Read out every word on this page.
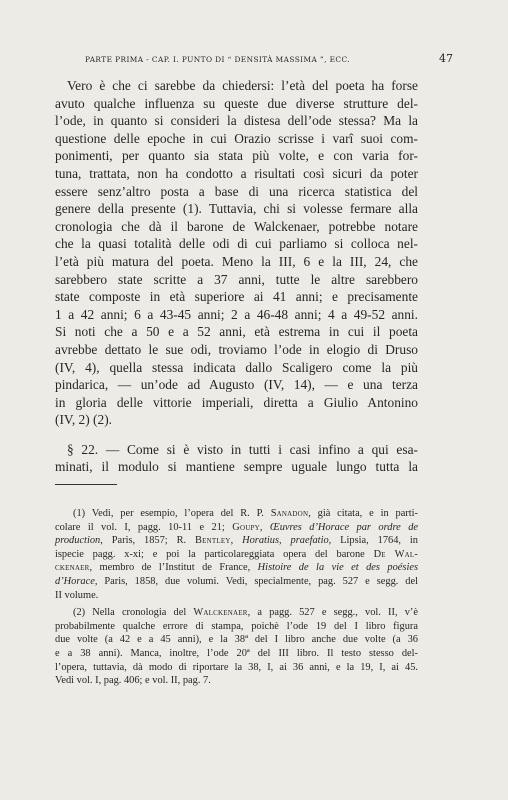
PARTE PRIMA - CAP. I. PUNTO DI “ DENSITÀ MASSIMA ”, ECC.	47

Vero è che ci sarebbe da chiedersi: l’età del poeta ha forse
avuto qualche influenza su queste due diverse strutture del-
l’ode, in quanto si consideri la distesa dell’ode stessa? Ma la
questione delle epoche in cui Orazio scrisse i varî suoi com-
ponimenti, per quanto sia stata più volte, e con varia for-
tuna, trattata, non ha condotto a risultati così sicuri da poter
essere senz’altro posta a base di una ricerca statistica del
genere della presente (1). Tuttavia, chi si volesse fermare alla
cronologia che dà il barone de Walckenaer, potrebbe notare
che la quasi totalità delle odi di cui parliamo si colloca nel-
l’età più matura del poeta. Meno la III, 6 e la III, 24, che
sarebbero state scritte a 37 anni, tutte le altre sarebbero
state composte in età superiore ai 41 anni; e precisamente
1 a 42 anni; 6 a 43-45 anni; 2 a 46-48 anni; 4 a 49-52 anni.
Si noti che a 50 e a 52 anni, età estrema in cui il poeta
avrebbe dettato le sue odi, troviamo l’ode in elogio di Druso
(IV, 4), quella stessa indicata dallo Scaligero come la più
pindarica, — un’ode ad Augusto (IV, 14), — e una terza
in gloria delle vittorie imperiali, diretta a Giulio Antonino
(IV, 2) (2).

§ 22. — Come si è visto in tutti i casi infino a qui esa-
minati, il modulo si mantiene sempre uguale lungo tutta la

(1) Vedi, per esempio, l’opera del R. P. Sanadon, già citata, e in parti-
colare il vol. I, pagg. 10-11 e 21; Goupy, Œuvres d’Horace par ordre de
production, Paris, 1857; R. Bentley, Horatius, praefatio, Lipsia, 1764, in
ispecie pagg. x-xi; e poi la particolareggiata opera del barone De Wal-
ckenaer, membro de l’Institut de France, Histoire de la vie et des poésies
d’Horace, Paris, 1858, due volumi. Vedi, specialmente, pag. 527 e segg. del
II volume.
(2) Nella cronologia del Walckenaer, a pagg. 527 e segg., vol. II, v’è
probabilmente qualche errore di stampa, poichè l’ode 19 del I libro figura
due volte (a 42 e a 45 anni), e la 38ª del I libro anche due volte (a 36
e a 38 anni). Manca, inoltre, l’ode 20ª del III libro. Il testo stesso del-
l’opera, tuttavia, dà modo di riportare la 38, I, ai 36 anni, e la 19, I, ai 45.
Vedi vol. I, pag. 406; e vol. II, pag. 7.
